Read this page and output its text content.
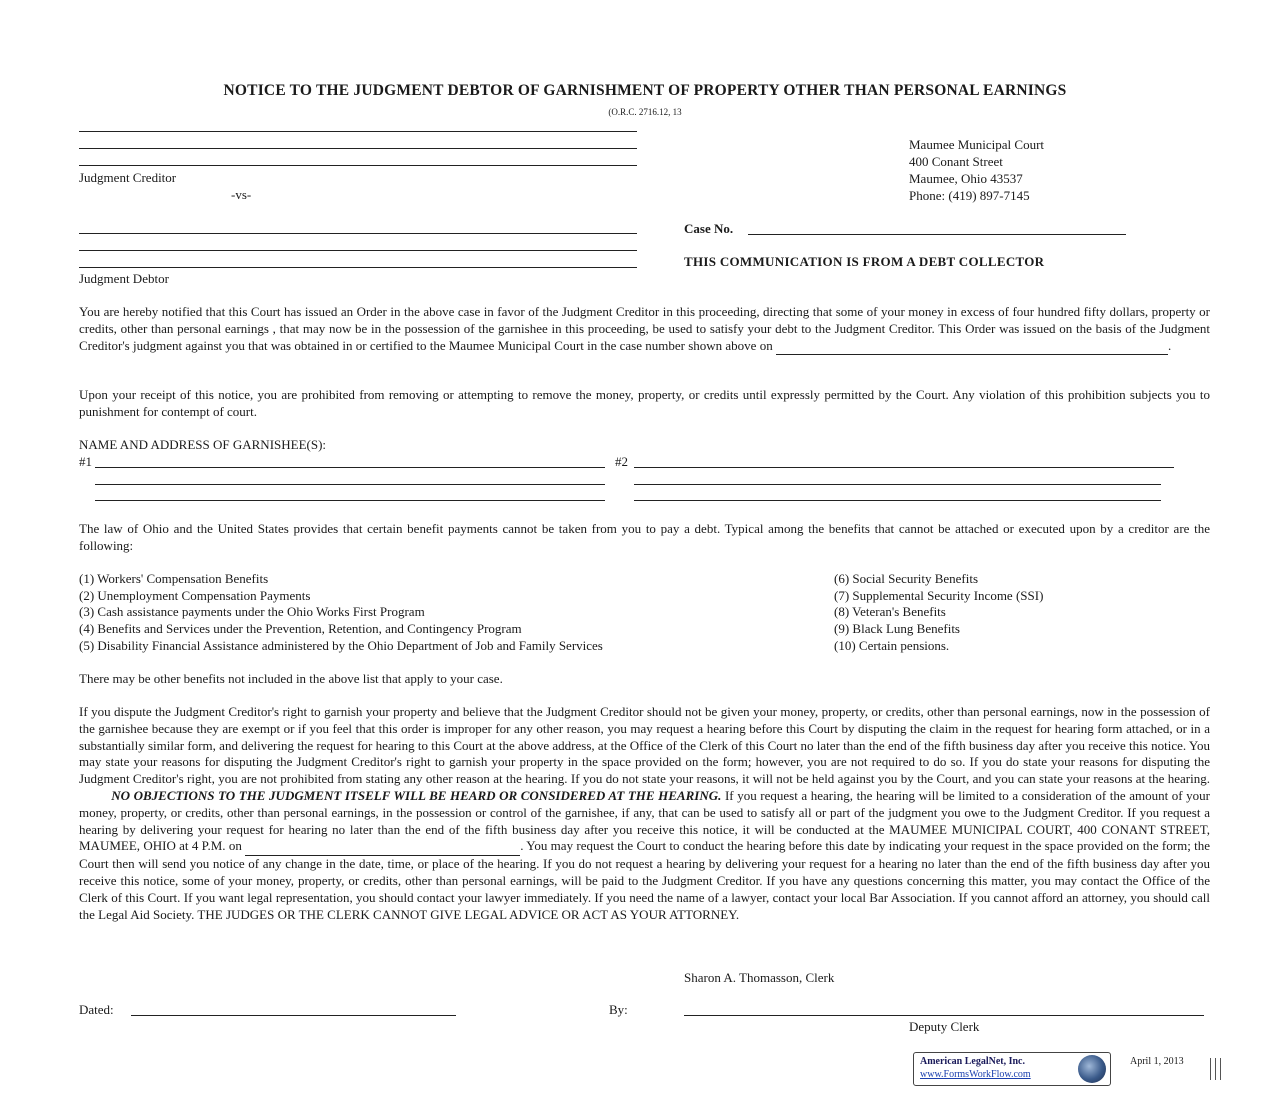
NOTICE TO THE JUDGMENT DEBTOR OF GARNISHMENT OF PROPERTY OTHER THAN PERSONAL EARNINGS
(O.R.C. 2716.12, 13
Judgment Creditor
-vs-
Maumee Municipal Court
400 Conant Street
Maumee, Ohio 43537
Phone: (419) 897-7145
Judgment Debtor
Case No.
THIS COMMUNICATION IS FROM A DEBT COLLECTOR
You are hereby notified that this Court has issued an Order in the above case in favor of the Judgment Creditor in this proceeding, directing that some of your money in excess of four hundred fifty dollars, property or credits, other than personal earnings , that may now be in the possession of the garnishee in this proceeding, be used to satisfy your debt to the Judgment Creditor. This Order was issued on the basis of the Judgment Creditor's judgment against you that was obtained in or certified to the Maumee Municipal Court in the case number shown above on	.
Upon your receipt of this notice, you are prohibited from removing or attempting to remove the money, property, or credits until expressly permitted by the Court. Any violation of this prohibition subjects you to punishment for contempt of court.
NAME AND ADDRESS OF GARNISHEE(S):
#1	#2
The law of Ohio and the United States provides that certain benefit payments cannot be taken from you to pay a debt. Typical among the benefits that cannot be attached or executed upon by a creditor are the following:
(1) Workers' Compensation Benefits
(2) Unemployment Compensation Payments
(3) Cash assistance payments under the Ohio Works First Program
(4) Benefits and Services under the Prevention, Retention, and Contingency Program
(5) Disability Financial Assistance administered by the Ohio Department of Job and Family Services
(6) Social Security Benefits
(7) Supplemental Security Income (SSI)
(8) Veteran's Benefits
(9) Black Lung Benefits
(10) Certain pensions.
There may be other benefits not included in the above list that apply to your case.
If you dispute the Judgment Creditor's right to garnish your property and believe that the Judgment Creditor should not be given your money, property, or credits, other than personal earnings, now in the possession of the garnishee because they are exempt or if you feel that this order is improper for any other reason, you may request a hearing before this Court by disputing the claim in the request for hearing form attached, or in a substantially similar form, and delivering the request for hearing to this Court at the above address, at the Office of the Clerk of this Court no later than the end of the fifth business day after you receive this notice. You may state your reasons for disputing the Judgment Creditor's right to garnish your property in the space provided on the form; however, you are not required to do so. If you do state your reasons for disputing the Judgment Creditor's right, you are not prohibited from stating any other reason at the hearing. If you do not state your reasons, it will not be held against you by the Court, and you can state your reasons at the hearing.          NO OBJECTIONS TO THE JUDGMENT ITSELF WILL BE HEARD OR CONSIDERED AT THE HEARING. If you request a hearing, the hearing will be limited to a consideration of the amount of your money, property, or credits, other than personal earnings, in the possession or control of the garnishee, if any, that can be used to satisfy all or part of the judgment you owe to the Judgment Creditor. If you request a hearing by delivering your request for hearing no later than the end of the fifth business day after you receive this notice, it will be conducted at the MAUMEE MUNICIPAL COURT, 400 CONANT STREET, MAUMEE, OHIO at 4 P.M. on	. You may request the Court to conduct the hearing before this date by indicating your request in the space provided on the form; the Court then will send you notice of any change in the date, time, or place of the hearing. If you do not request a hearing by delivering your request for a hearing no later than the end of the fifth business day after you receive this notice, some of your money, property, or credits, other than personal earnings, will be paid to the Judgment Creditor. If you have any questions concerning this matter, you may contact the Office of the Clerk of this Court. If you want legal representation, you should contact your lawyer immediately. If you need the name of a lawyer, contact your local Bar Association. If you cannot afford an attorney, you should call the Legal Aid Society. THE JUDGES OR THE CLERK CANNOT GIVE LEGAL ADVICE OR ACT AS YOUR ATTORNEY.
Sharon A. Thomasson, Clerk
Dated:	By:
Deputy Clerk
American LegalNet, Inc.
www.FormsWorkFlow.com
April 1, 2013
